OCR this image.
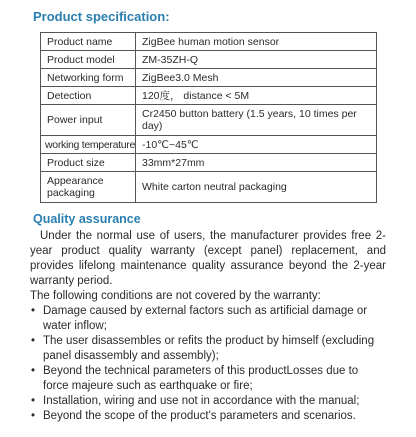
Product specification:
Product name	ZigBee human motion sensor
Product model	ZM-35ZH-Q
Networking form	ZigBee3.0 Mesh
Detection	120度， distance < 5M
Power input	Cr2450 button battery (1.5 years, 10 times per day)
working temperature	-10℃~45℃
Product size	33mm*27mm
Appearance packaging	White carton neutral packaging
Quality assurance

Under the normal use of users, the manufacturer provides free 2-year product quality warranty (except panel) replacement, and provides lifelong maintenance quality assurance beyond the 2-year warranty period.

The following conditions are not covered by the warranty:

• Damage caused by external factors such as artificial damage or water inflow;
• The user disassembles or refits the product by himself (excluding panel disassembly and assembly);
• Beyond the technical parameters of this productLosses due to force majeure such as earthquake or fire;
• Installation, wiring and use not in accordance with the manual;
• Beyond the scope of the product's parameters and scenarios.
